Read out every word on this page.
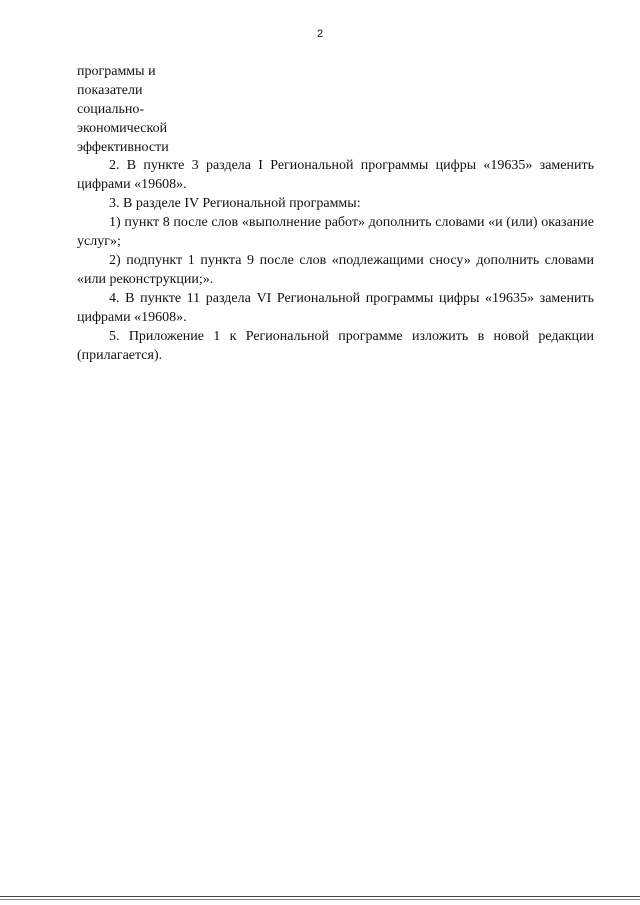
2
программы и
показатели
социально-
экономической
эффективности

2. В пункте 3 раздела I Региональной программы цифры «19635» заменить цифрами «19608».

3. В разделе IV Региональной программы:

1) пункт 8 после слов «выполнение работ» дополнить словами «и (или) оказание услуг»;

2) подпункт 1 пункта 9 после слов «подлежащими сносу» дополнить словами «или реконструкции;».

4. В пункте 11 раздела VI Региональной программы цифры «19635» заменить цифрами «19608».

5. Приложение 1 к Региональной программе изложить в новой редакции (прилагается).
